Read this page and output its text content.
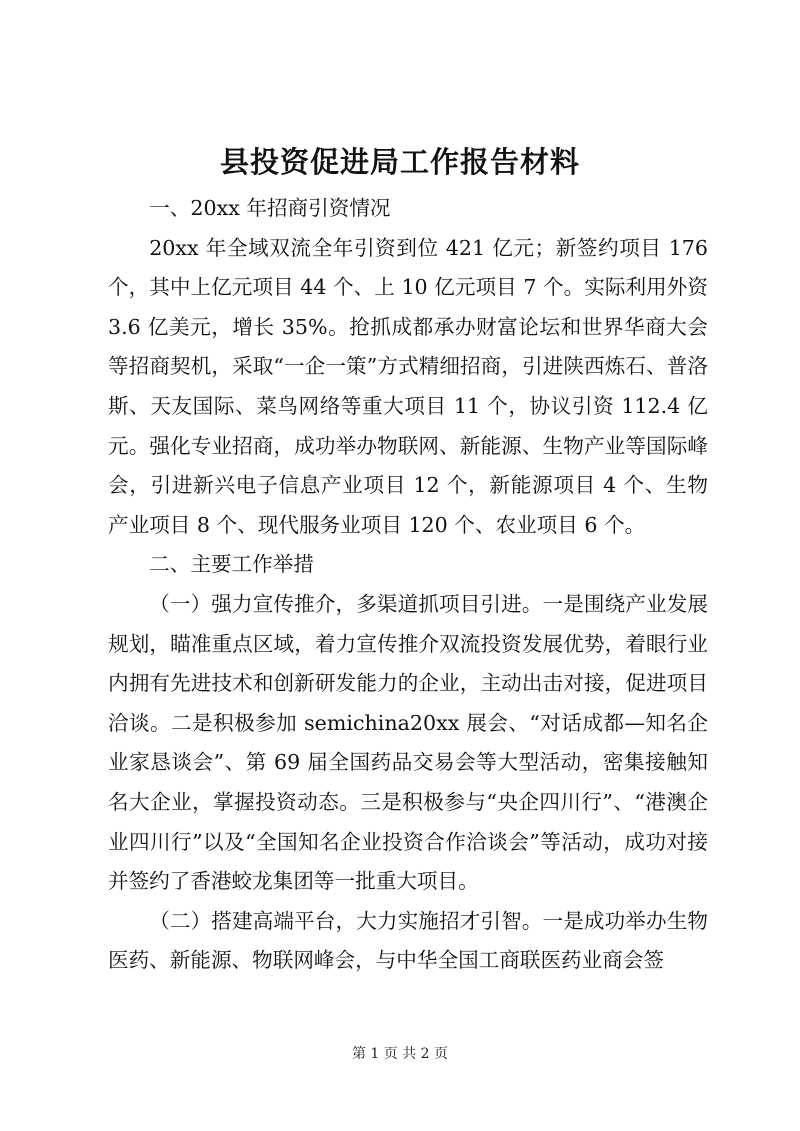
县投资促进局工作报告材料

一、20xx 年招商引资情况

20xx 年全域双流全年引资到位 421 亿元；新签约项目 176 个，其中上亿元项目 44 个、上 10 亿元项目 7 个。实际利用外资 3.6 亿美元，增长 35%。抢抓成都承办财富论坛和世界华商大会等招商契机，采取“一企一策”方式精细招商，引进陕西炼石、普洛斯、天友国际、菜鸟网络等重大项目 11 个，协议引资 112.4 亿元。强化专业招商，成功举办物联网、新能源、生物产业等国际峰会，引进新兴电子信息产业项目 12 个，新能源项目 4 个、生物产业项目 8 个、现代服务业项目 120 个、农业项目 6 个。

二、主要工作举措

（一）强力宣传推介，多渠道抓项目引进。一是围绕产业发展规划，瞄准重点区域，着力宣传推介双流投资发展优势，着眼行业内拥有先进技术和创新研发能力的企业，主动出击对接，促进项目洽谈。二是积极参加 semichina20xx 展会、“对话成都—知名企业家恳谈会”、第 69 届全国药品交易会等大型活动，密集接触知名大企业，掌握投资动态。三是积极参与“央企四川行”、“港澳企业四川行”以及“全国知名企业投资合作洽谈会”等活动，成功对接并签约了香港蛟龙集团等一批重大项目。

（二）搭建高端平台，大力实施招才引智。一是成功举办生物医药、新能源、物联网峰会，与中华全国工商联医药业商会签

第 1 页 共 2 页
